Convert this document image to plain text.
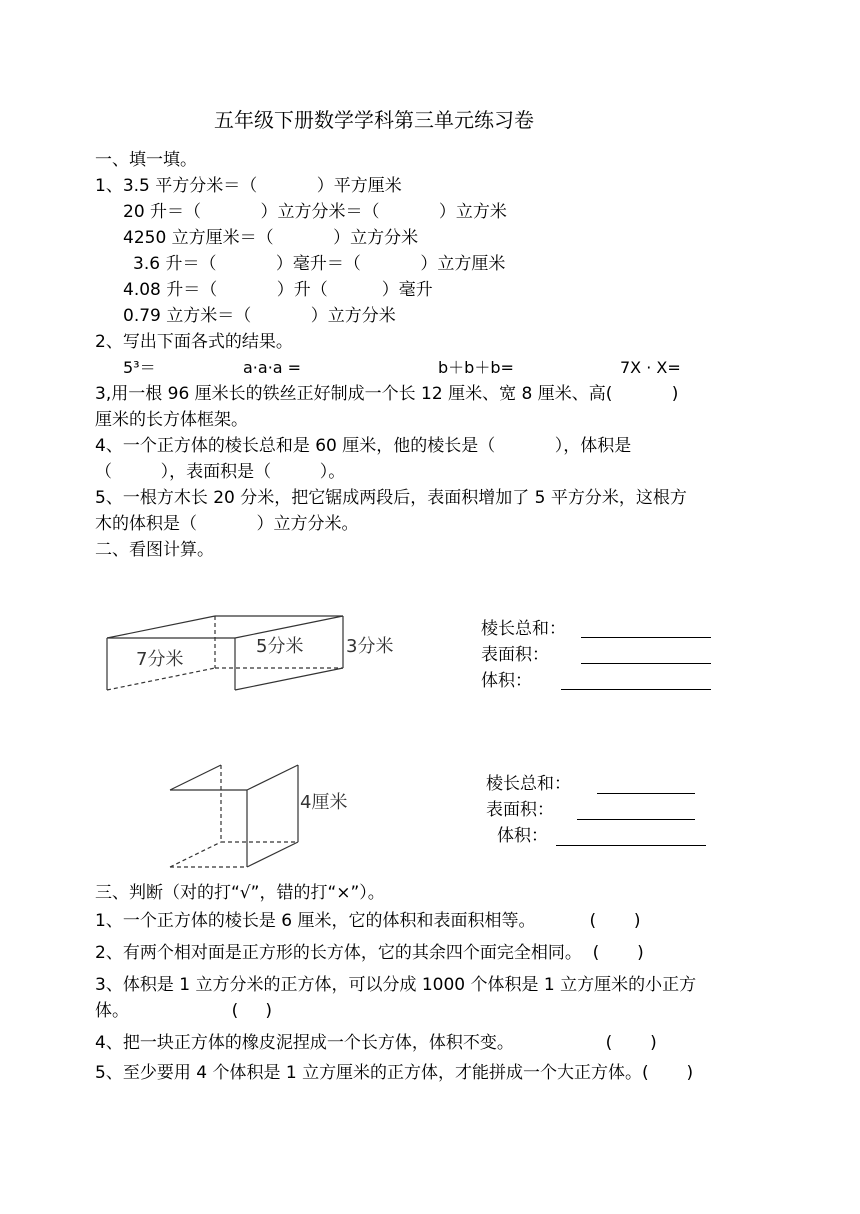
五年级下册数学学科第三单元练习卷
一、填一填。
1、3.5 平方分米＝（           ）平方厘米
20 升＝（           ）立方分米＝（           ）立方米
4250 立方厘米＝（           ）立方分米
3.6 升＝（           ）毫升＝（           ）立方厘米
4.08 升＝（           ）升（          ）毫升
0.79 立方米＝（           ）立方分米
2、写出下面各式的结果。
5³＝	a·a·a =	b＋b＋b=	7X · X=
3,用一根 96 厘米长的铁丝正好制成一个长 12 厘米、宽 8 厘米、高(           )
厘米的长方体框架。
4、一个正方体的棱长总和是 60 厘米，他的棱长是（           ），体积是
（         ），表面积是（         ）。
5、一根方木长 20 分米，把它锯成两段后，表面积增加了 5 平方分米，这根方
木的体积是（           ）立方分米。
二、看图计算。
7分米
5分米 3分米
4厘米
棱长总和：
表面积：
体积：
棱长总和：
表面积：
体积：
三、判断（对的打“√”，错的打“×”）。
1、一个正方体的棱长是 6 厘米，它的体积和表面积相等。          (       )
2、有两个相对面是正方形的长方体，它的其余四个面完全相同。  (       )
3、体积是 1 立方分米的正方体，可以分成 1000 个体积是 1 立方厘米的小正方
体。                   (     )
4、把一块正方体的橡皮泥捏成一个长方体，体积不变。                 (       )
5、至少要用 4 个体积是 1 立方厘米的正方体，才能拼成一个大正方体。(       )
